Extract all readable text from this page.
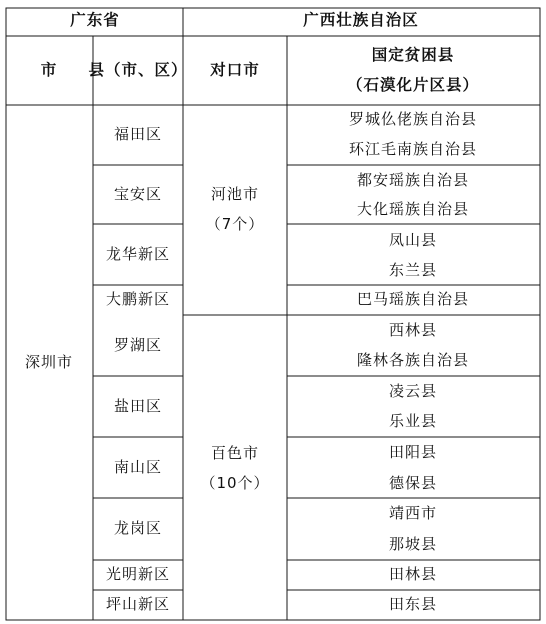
广东省	广西壮族自治区
市 县（市、区） 对口市
国定贫困县
（石漠化片区县）
深圳市
福田区
宝安区
龙华新区
大鹏新区
罗湖区
盐田区
南山区
龙岗区
光明新区
坪山新区
河池市
（7个）
百色市
（10个）
罗城仫佬族自治县
环江毛南族自治县
都安瑶族自治县
大化瑶族自治县
凤山县
东兰县
巴马瑶族自治县
西林县
隆林各族自治县
凌云县
乐业县
田阳县
德保县
靖西市
那坡县
田林县
田东县
